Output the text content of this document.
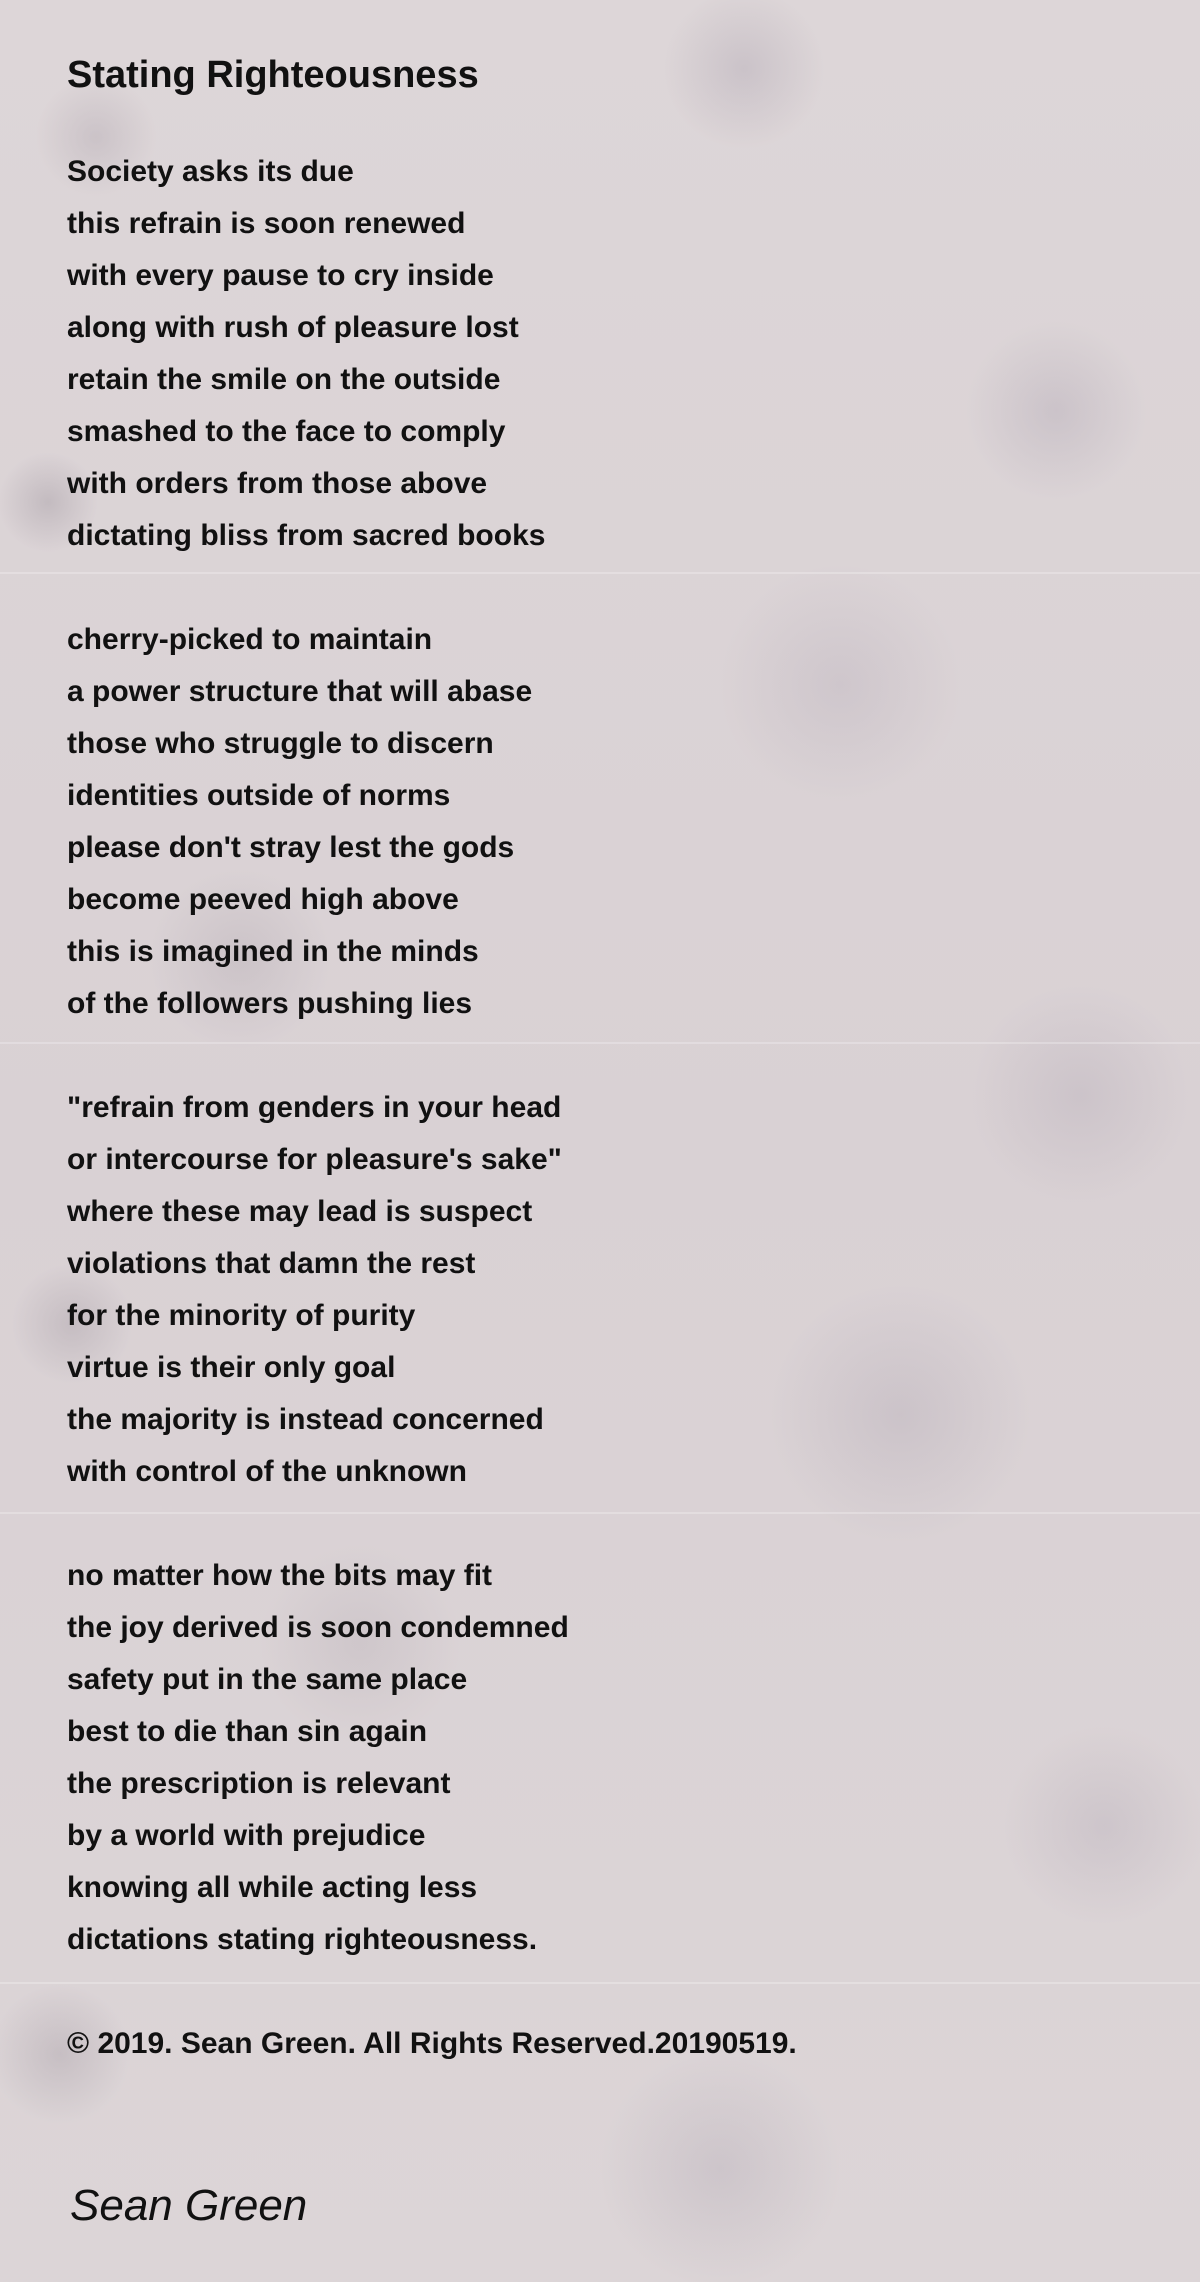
Stating Righteousness
Society asks its due
this refrain is soon renewed
with every pause to cry inside
along with rush of pleasure lost
retain the smile on the outside
smashed to the face to comply
with orders from those above
dictating bliss from sacred books
cherry-picked to maintain
a power structure that will abase
those who struggle to discern
identities outside of norms
please don't stray lest the gods
become peeved high above
this is imagined in the minds
of the followers pushing lies
"refrain from genders in your head
or intercourse for pleasure's sake"
where these may lead is suspect
violations that damn the rest
for the minority of purity
virtue is their only goal
the majority is instead concerned
with control of the unknown
no matter how the bits may fit
the joy derived is soon condemned
safety put in the same place
best to die than sin again
the prescription is relevant
by a world with prejudice
knowing all while acting less
dictations stating righteousness.

© 2019. Sean Green. All Rights Reserved.20190519.

Sean Green
